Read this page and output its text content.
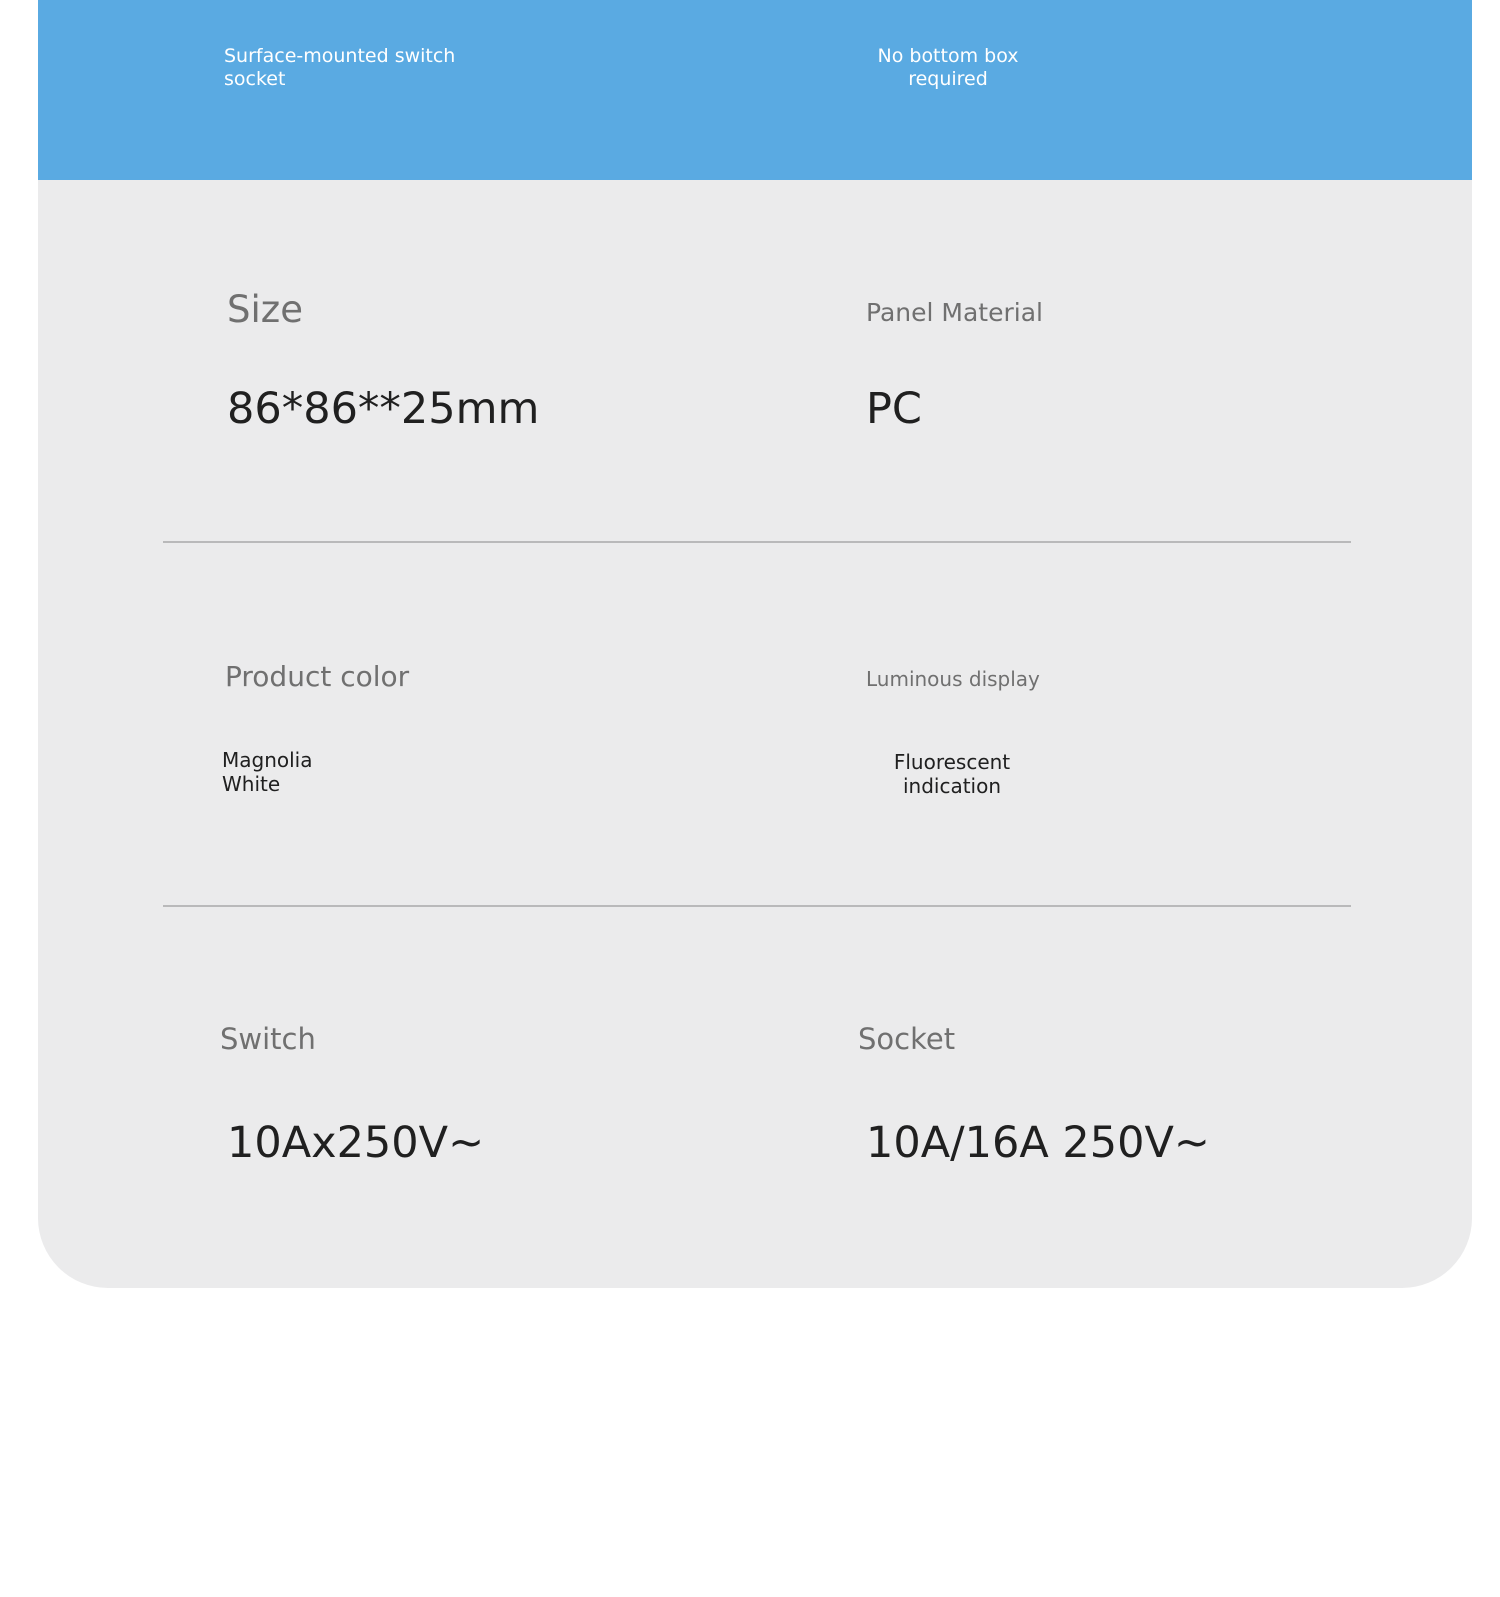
Surface-mounted switch socket

No bottom box required

Size

86*86**25mm

Panel Material

PC

Product color

Magnolia White

Luminous display

Fluorescent indication

Switch

10Ax250V~

Socket

10A/16A 250V~
